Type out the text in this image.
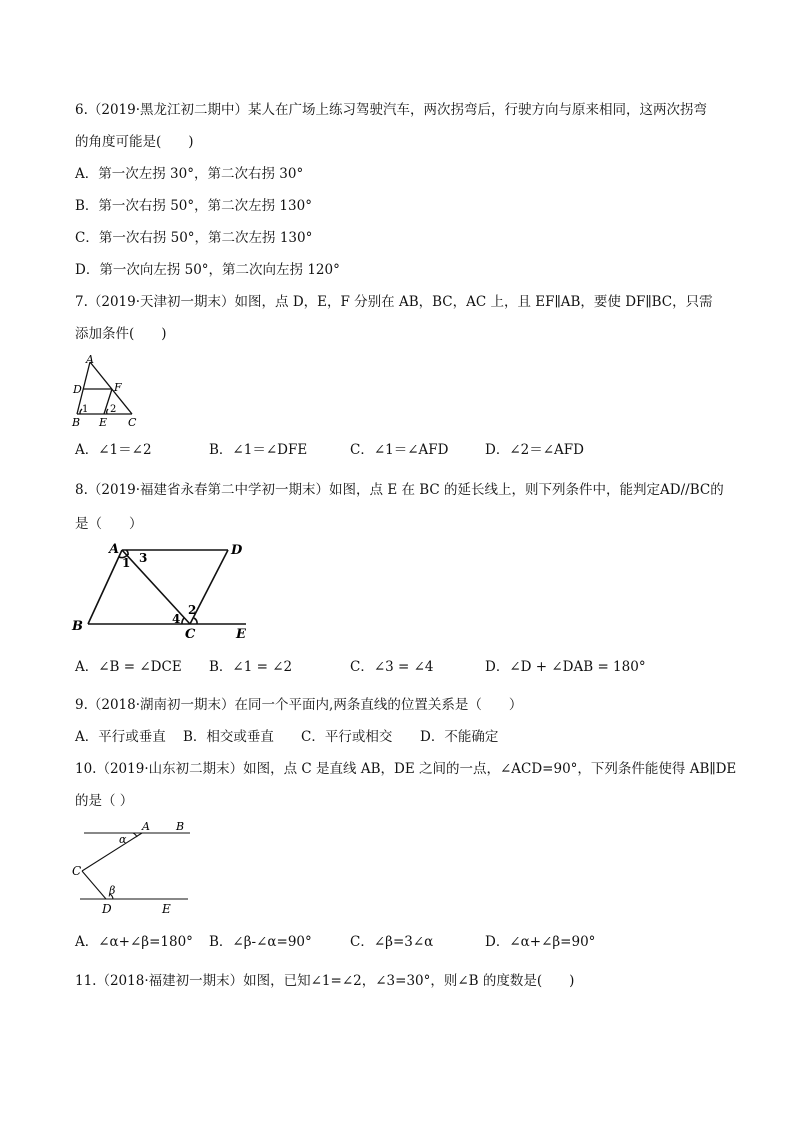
6.（2019·黑龙江初二期中）某人在广场上练习驾驶汽车，两次拐弯后，行驶方向与原来相同，这两次拐弯
的角度可能是(　　)
A．第一次左拐 30°，第二次右拐 30°
B．第一次右拐 50°，第二次左拐 130°
C．第一次右拐 50°，第二次左拐 130°
D．第一次向左拐 50°，第二次向左拐 120°
7.（2019·天津初一期末）如图，点 D，E，F 分别在 AB，BC，AC 上，且 EF∥AB，要使 DF∥BC，只需
添加条件(　　)
A
D	F
B E C
1 2
A．∠1＝∠2	B．∠1＝∠DFE	C．∠1＝∠AFD	D．∠2＝∠AFD
8.（2019·福建省永春第二中学初一期末）如图，点 E 在 BC 的延长线上，则下列条件中，能判定AD//BC的
是（　　）
A	D
B
C	E
1 3
2
4
A．∠B = ∠DCE B．∠1 = ∠2	C．∠3 = ∠4	D．∠D + ∠DAB = 180°
9.（2018·湖南初一期末）在同一个平面内,两条直线的位置关系是（　　）
A．平行或垂直 B．相交或垂直 C．平行或相交 D．不能确定
10.（2019·山东初二期末）如图，点 C 是直线 AB，DE 之间的一点，∠ACD=90°，下列条件能使得 AB∥DE
的是（ ）
A B
α
C
β
D	E
A．∠α+∠β=180° B．∠β-∠α=90°	C．∠β=3∠α	D．∠α+∠β=90°
11.（2018·福建初一期末）如图，已知∠1=∠2，∠3=30°，则∠B 的度数是(　　)
